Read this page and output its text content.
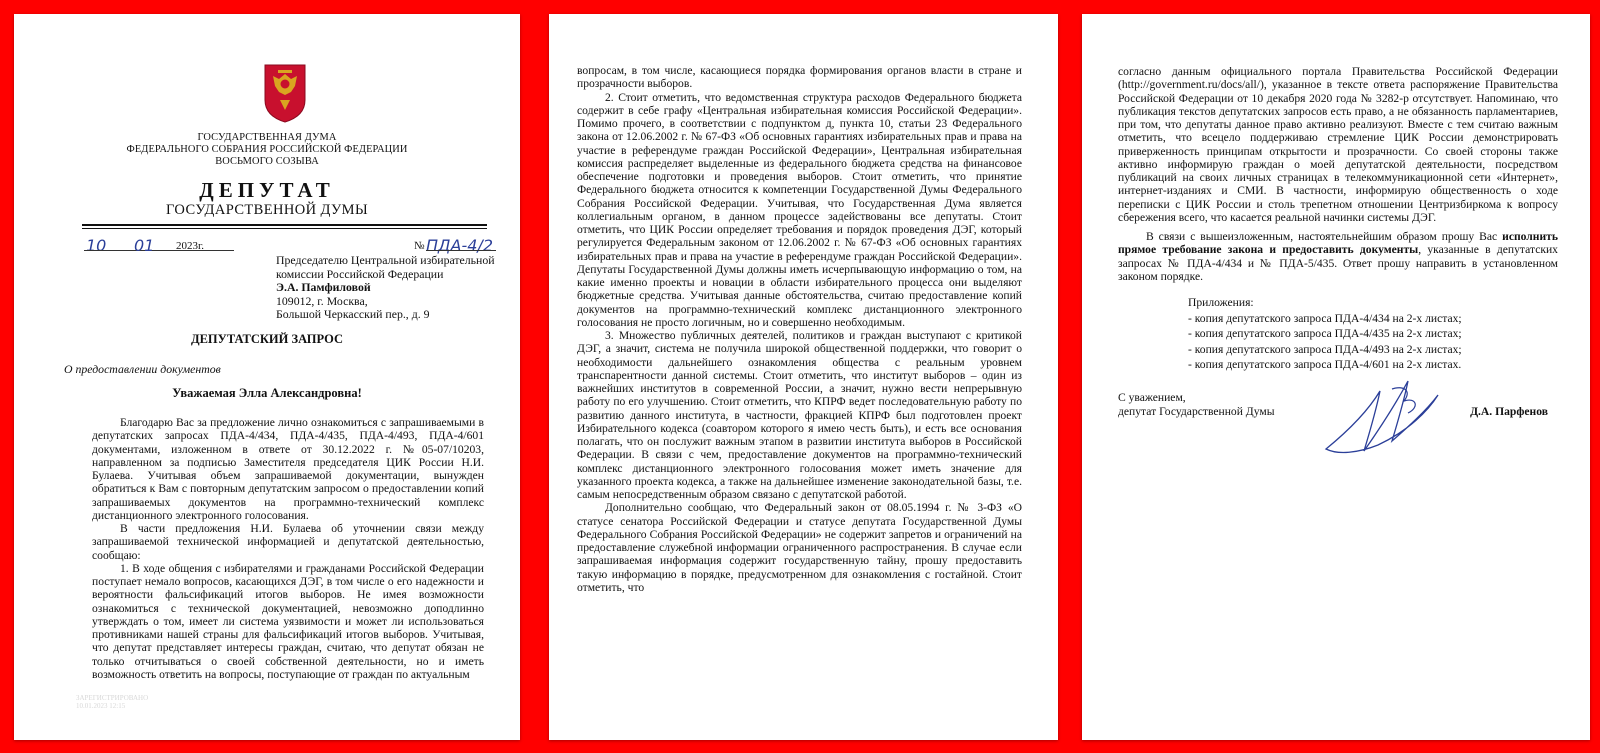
ГОСУДАРСТВЕННАЯ ДУМА
ФЕДЕРАЛЬНОГО СОБРАНИЯ РОССИЙСКОЙ ФЕДЕРАЦИИ
ВОСЬМОГО СОЗЫВА
ДЕПУТАТ
ГОСУДАРСТВЕННОЙ ДУМЫ
10 01 2023г.	№ ПДА-4/2
Председателю Центральной избирательной
комиссии Российской Федерации
Э.А. Памфиловой
109012, г. Москва,
Большой Черкасский пер., д. 9
ДЕПУТАТСКИЙ ЗАПРОС
О предоставлении документов
Уважаемая Элла Александровна!

Благодарю Вас за предложение лично ознакомиться с запрашиваемыми в депутатских запросах ПДА-4/434, ПДА-4/435, ПДА-4/493, ПДА-4/601 документами, изложенном в ответе от 30.12.2022 г. №05-07/10203, направленном за подписью Заместителя председателя ЦИК России Н.И. Булаева. Учитывая объем запрашиваемой документации, вынужден обратиться к Вам с повторным депутатским запросом о предоставлении копий запрашиваемых документов на программно-технический комплекс дистанционного электронного голосования.

В части предложения Н.И. Булаева об уточнении связи между запрашиваемой технической информацией и депутатской деятельностью, сообщаю:

1. В ходе общения с избирателями и гражданами Российской Федерации поступает немало вопросов, касающихся ДЭГ, в том числе о его надежности и вероятности фальсификаций итогов выборов. Не имея возможности ознакомиться с технической документацией, невозможно доподлинно утверждать о том, имеет ли система уязвимости и может ли использоваться противниками нашей страны для фальсификаций итогов выборов. Учитывая, что депутат представляет интересы граждан, считаю, что депутат обязан не только отчитываться о своей собственной деятельности, но и иметь возможность ответить на вопросы, поступающие от граждан по актуальным

ЗАРЕГИСТРИРОВАНО
10.01.2023 12:15

вопросам, в том числе, касающиеся порядка формирования органов власти в стране и прозрачности выборов.

2. Стоит отметить, что ведомственная структура расходов Федерального бюджета содержит в себе графу «Центральная избирательная комиссия Российской Федерации». Помимо прочего, в соответствии с подпунктом д, пункта 10, статьи 23 Федерального закона от 12.06.2002 г. № 67-ФЗ «Об основных гарантиях избирательных прав и права на участие в референдуме граждан Российской Федерации», Центральная избирательная комиссия распределяет выделенные из федерального бюджета средства на финансовое обеспечение подготовки и проведения выборов. Стоит отметить, что принятие Федерального бюджета относится к компетенции Государственной Думы Федерального Собрания Российской Федерации. Учитывая, что Государственная Дума является коллегиальным органом, в данном процессе задействованы все депутаты. Стоит отметить, что ЦИК России определяет требования и порядок проведения ДЭГ, который регулируется Федеральным законом от 12.06.2002 г. № 67-ФЗ «Об основных гарантиях избирательных прав и права на участие в референдуме граждан Российской Федерации». Депутаты Государственной Думы должны иметь исчерпывающую информацию о том, на какие именно проекты и новации в области избирательного процесса они выделяют бюджетные средства. Учитывая данные обстоятельства, считаю предоставление копий документов на программно-технический комплекс дистанционного электронного голосования не просто логичным, но и совершенно необходимым.

3. Множество публичных деятелей, политиков и граждан выступают с критикой ДЭГ, а значит, система не получила широкой общественной поддержки, что говорит о необходимости дальнейшего ознакомления общества с реальным уровнем транспарентности данной системы. Стоит отметить, что институт выборов – один из важнейших институтов в современной России, а значит, нужно вести непрерывную работу по его улучшению. Стоит отметить, что КПРФ ведет последовательную работу по развитию данного института, в частности, фракцией КПРФ был подготовлен проект Избирательного кодекса (соавтором которого я имею честь быть), и есть все основания полагать, что он послужит важным этапом в развитии института выборов в Российской Федерации. В связи с чем, предоставление документов на программно-технический комплекс дистанционного электронного голосования может иметь значение для указанного проекта кодекса, а также на дальнейшее изменение законодательной базы, т.е. самым непосредственным образом связано с депутатской работой.

Дополнительно сообщаю, что Федеральный закон от 08.05.1994 г. № 3-ФЗ «О статусе сенатора Российской Федерации и статусе депутата Государственной Думы Федерального Собрания Российской Федерации» не содержит запретов и ограничений на предоставление служебной информации ограниченного распространения. В случае если запрашиваемая информация содержит государственную тайну, прошу предоставить такую информацию в порядке, предусмотренном для ознакомления с гостайной. Стоит отметить, что

согласно данным официального портала Правительства Российской Федерации (http://government.ru/docs/all/), указанное в тексте ответа распоряжение Правительства Российской Федерации от 10 декабря 2020 года № 3282-р отсутствует. Напоминаю, что публикация текстов депутатских запросов есть право, а не обязанность парламентариев, при том, что депутаты данное право активно реализуют. Вместе с тем считаю важным отметить, что всецело поддерживаю стремление ЦИК России демонстрировать приверженность принципам открытости и прозрачности. Со своей стороны также активно информирую граждан о моей депутатской деятельности, посредством публикаций на своих личных страницах в телекоммуникационной сети «Интернет», интернет-изданиях и СМИ. В частности, информирую общественность о ходе переписки с ЦИК России и столь трепетном отношении Центризбиркома к вопросу сбережения всего, что касается реальной начинки системы ДЭГ.

В связи с вышеизложенным, настоятельнейшим образом прошу Вас исполнить прямое требование закона и предоставить документы, указанные в депутатских запросах № ПДА-4/434 и № ПДА-5/435. Ответ прошу направить в установленном законом порядке.

Приложения:
- копия депутатского запроса ПДА-4/434 на 2-х листах;
- копия депутатского запроса ПДА-4/435 на 2-х листах;
- копия депутатского запроса ПДА-4/493 на 2-х листах;
- копия депутатского запроса ПДА-4/601 на 2-х листах.
С уважением,
депутат Государственной Думы	Д.А. Парфенов
